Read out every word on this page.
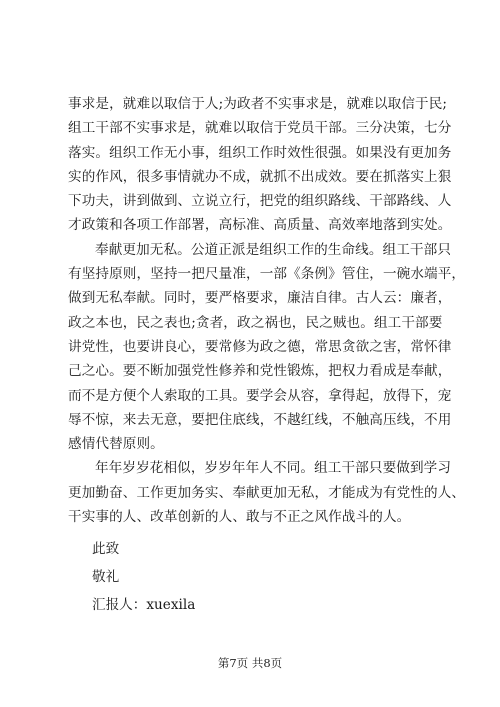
事求是，就难以取信于人;为政者不实事求是，就难以取信于民;
组工干部不实事求是，就难以取信于党员干部。三分决策，七分
落实。组织工作无小事，组织工作时效性很强。如果没有更加务
实的作风，很多事情就办不成，就抓不出成效。要在抓落实上狠
下功夫，讲到做到、立说立行，把党的组织路线、干部路线、人
才政策和各项工作部署，高标准、高质量、高效率地落到实处。
奉献更加无私。公道正派是组织工作的生命线。组工干部只
有坚持原则，坚持一把尺量准，一部《条例》管住，一碗水端平，
做到无私奉献。同时，要严格要求，廉洁自律。古人云：廉者，
政之本也，民之表也;贪者，政之祸也，民之贼也。组工干部要
讲党性，也要讲良心，要常修为政之德，常思贪欲之害，常怀律
己之心。要不断加强党性修养和党性锻炼，把权力看成是奉献，
而不是方便个人索取的工具。要学会从容，拿得起，放得下，宠
辱不惊，来去无意，要把住底线，不越红线，不触高压线，不用
感情代替原则。
年年岁岁花相似，岁岁年年人不同。组工干部只要做到学习
更加勤奋、工作更加务实、奉献更加无私，才能成为有党性的人、
干实事的人、改革创新的人、敢与不正之风作战斗的人。
此致
敬礼
汇报人：xuexila
第7页 共8页
